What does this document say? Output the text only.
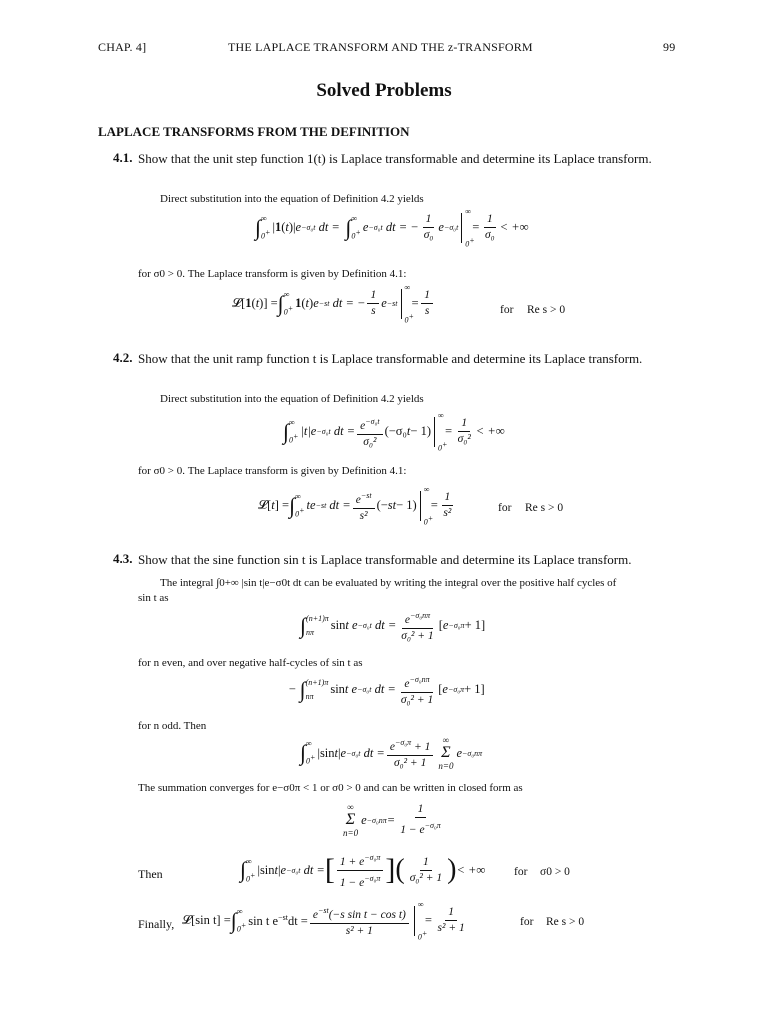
CHAP. 4]	THE LAPLACE TRANSFORM AND THE z-TRANSFORM	99
Solved Problems
LAPLACE TRANSFORMS FROM THE DEFINITION
4.1. Show that the unit step function 1(t) is Laplace transformable and determine its Laplace transform.
Direct substitution into the equation of Definition 4.2 yields
∫ ∞
0+ |1( t )| e −σ₀t dt = ∫ ∞
0+ e −σ₀t dt = − $\frac{1}{\text{σ₀}}$ e −σ₀t
∞
0+
= $\frac{1}{\text{σ₀}}$ < +∞
for σ0 > 0. The Laplace transform is given by Definition 4.1:
𝓛[1( t )] = ∫ ∞
0+ 1( t ) e −st dt = − $\frac{1}{s}$ e −st
∞
0+
= $\frac{1}{s}$	for Re s > 0
4.2. Show that the unit ramp function t is Laplace transformable and determine its Laplace transform.
Direct substitution into the equation of Definition 4.2 yields
∫ ∞
0+ |t|e −σ₀t dt = $\frac{e^{-\sigma_0t}}{\text{σ₀²}} (-\sigma_0$ t − 1)
∞
0+
= $\frac{1}{\text{σ₀²}}$ < +∞
for σ0 > 0. The Laplace transform is given by Definition 4.1:
𝓛[ t ] = ∫ ∞
0+ te −st dt = $\frac{e^{-st}}{\text{s²}}$ (− st − 1)
∞
0+
= $\frac{1}{\text{s²}}$	for Re s > 0
4.3. Show that the sine function sin t is Laplace transformable and determine its Laplace transform.
The integral ∫0+∞ |sin t|e−σ0t dt can be evaluated by writing the integral over the positive half cycles of
sin t as
∫ (n+1)π
nπ	sin t e −σ₀t dt = $\frac{e^{-\sigma_0n\pi}}{\text{σ₀² + 1}}$ [ e −σ₀π + 1]
for n even, and over negative half-cycles of sin t as
− ∫ (n+1)π
nπ	sin t e −σ₀t dt = $\frac{e^{-\sigma_0n\pi}}{\text{σ₀² + 1}}$ [ e −σ₀π + 1]
for n odd. Then
∫ ∞
0+ |sin t | e −σ₀t dt = $\frac{e^{-\sigma_0\pi} + 1}{\text{σ₀² + 1}}$ ∞
Σ
n=0
e −σ₀nπ
The summation converges for e−σ0π < 1 or σ0 > 0 and can be written in closed form as
∞
Σ
n=0
$e -\sigma_0n\pi = \frac{1}{1 - e^{-\sigma_0\pi}}$
Then	∫ ∞
0+ |sin t | e −σ₀t dt = [ $\frac{1 + e^{-\sigma_0\pi}}{1 - e^{-\sigma_0\pi}}$ ] ( $\frac{1}{\text{σ₀² + 1}}$ ) < +∞ for σ0 > 0
Finally, 𝓛[sin t] = ∫ ∞
0+ sin t $e^{-st}dt = \frac{e^{-st}(-s \sin t - \cos t)}{\text{s² + 1}}$ ∞
0+
= $\frac{1}{\text{s² + 1}}$	for Re s > 0
